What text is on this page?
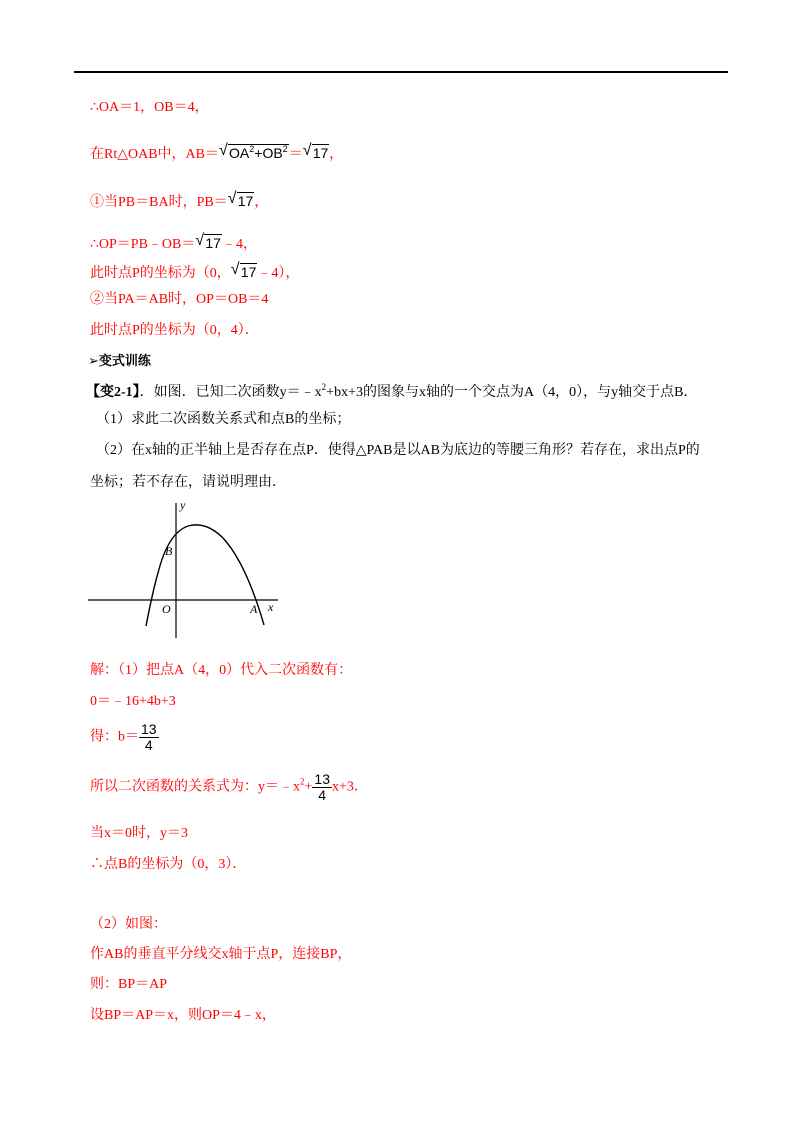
∴OA＝1，OB＝4，
在Rt△OAB中，AB＝ √ $OA^2+OB^2=$ √ 17，
①当PB＝BA时，PB＝ √ 17，
∴OP＝PB﹣OB＝ √ 17﹣4，
此时点P的坐标为（0， √ 17﹣4），
②当PA＝AB时，OP＝OB＝4
此时点P的坐标为（0，4）．
➢变式训练
【变2-1】．如图．已知二次函数$y=﹣x^2+bx+3$的图象与x轴的一个交点为A（4，0），与y轴交于点B．
（1）求此二次函数关系式和点B的坐标；
（2）在x轴的正半轴上是否存在点P．使得△PAB是以AB为底边的等腰三角形？若存在，求出点P的
坐标；若不存在，请说明理由．
y
x
O	A
B
解：（1）把点A（4，0）代入二次函数有：
0＝﹣16+4b+3
得：$b= \frac{13}{4}$
所以二次函数的关系式为：$y=﹣x^2+ \frac{13}{4} x+3$．
当x＝0时，y＝3
∴点B的坐标为（0，3）．
（2）如图：
作AB的垂直平分线交x轴于点P，连接BP，
则：BP＝AP
设BP＝AP＝x，则OP＝4﹣x，
